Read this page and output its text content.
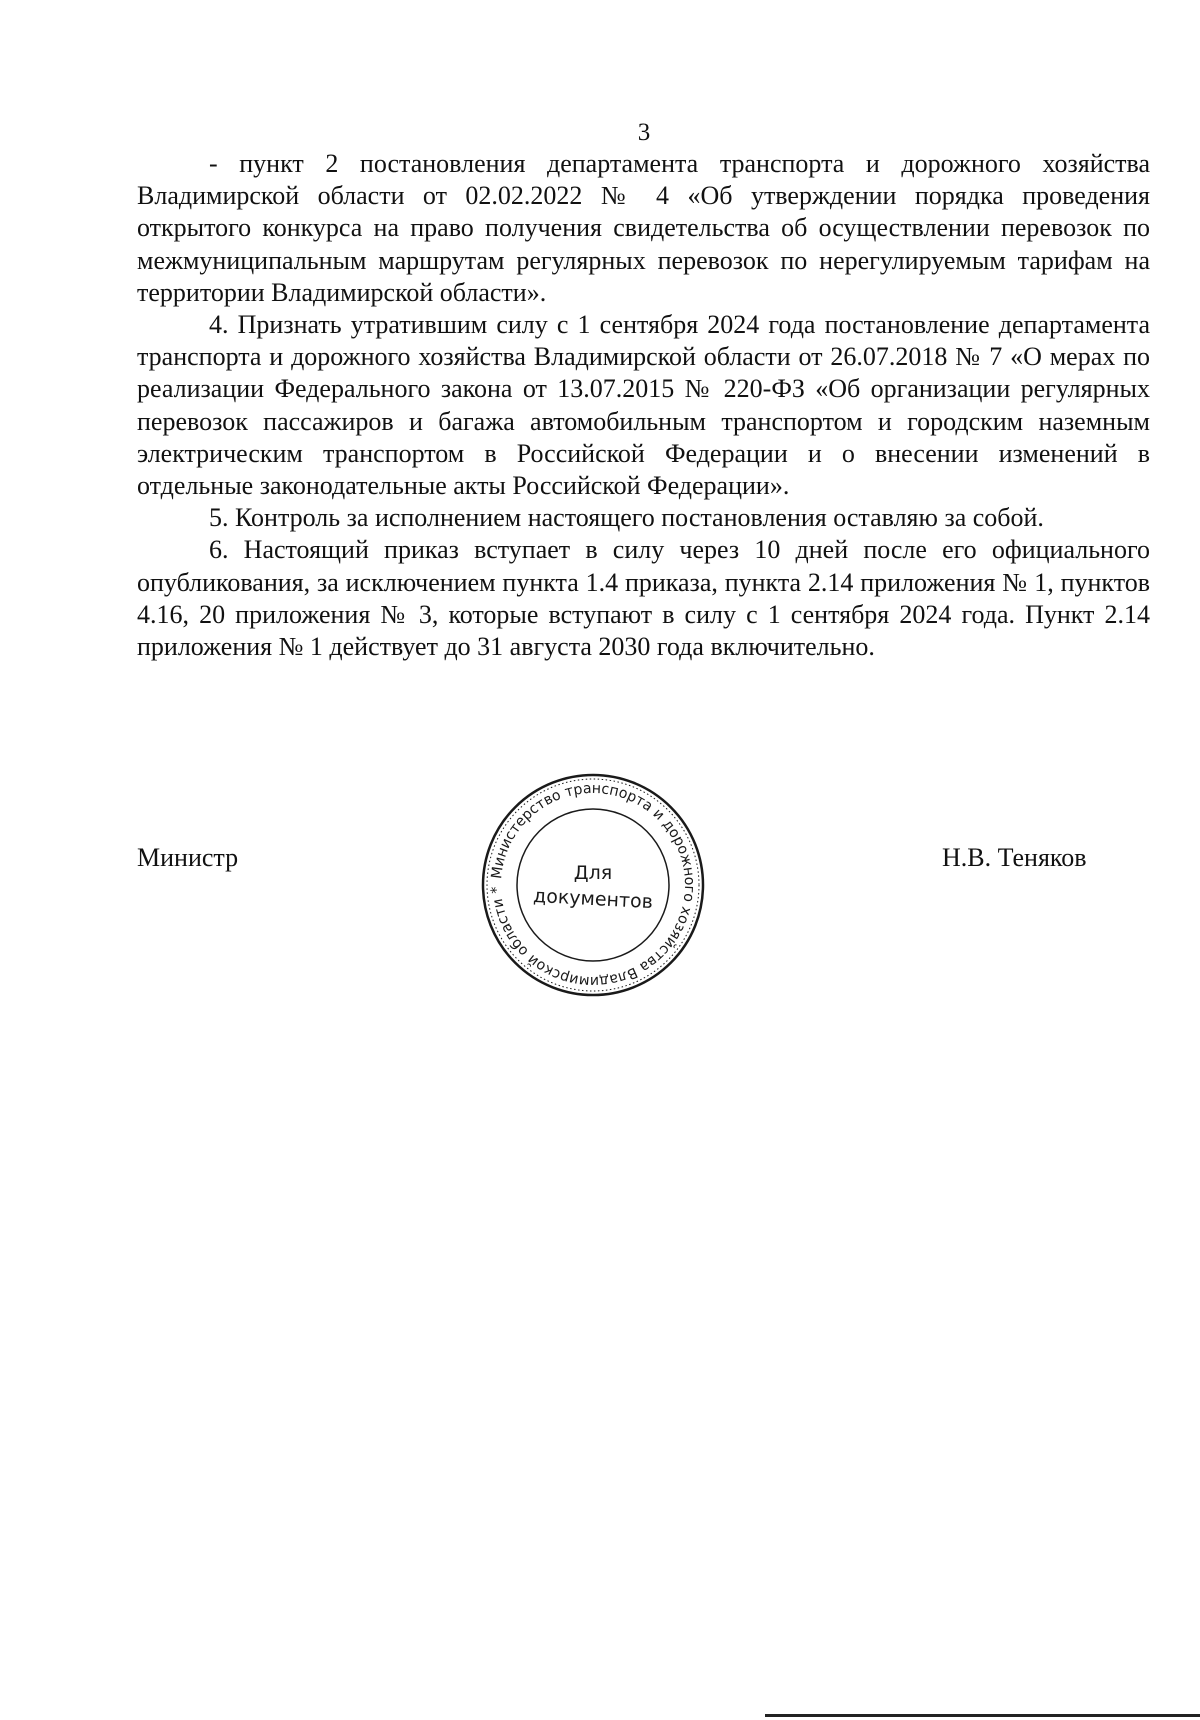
3

- пункт 2 постановления департамента транспорта и дорожного хозяйства Владимирской области от 02.02.2022 № 4 «Об утверждении порядка проведения открытого конкурса на право получения свидетельства об осуществлении перевозок по межмуниципальным маршрутам регулярных перевозок по нерегулируемым тарифам на территории Владимирской области».

4. Признать утратившим силу с 1 сентября 2024 года постановление департамента транспорта и дорожного хозяйства Владимирской области от 26.07.2018 № 7 «О мерах по реализации Федерального закона от 13.07.2015 № 220-ФЗ «Об организации регулярных перевозок пассажиров и багажа автомобильным транспортом и городским наземным электрическим транспортом в Российской Федерации и о внесении изменений в отдельные законодательные акты Российской Федерации».

5. Контроль за исполнением настоящего постановления оставляю за собой.

6. Настоящий приказ вступает в силу через 10 дней после его официального опубликования, за исключением пункта 1.4 приказа, пункта 2.14 приложения № 1, пунктов 4.16, 20 приложения № 3, которые вступают в силу с 1 сентября 2024 года. Пункт 2.14 приложения № 1 действует до 31 августа 2030 года включительно.

Министр
Министерство транспорта и дорожного хозяйства Владимирской области *
Для
документов
Н.В. Теняков
